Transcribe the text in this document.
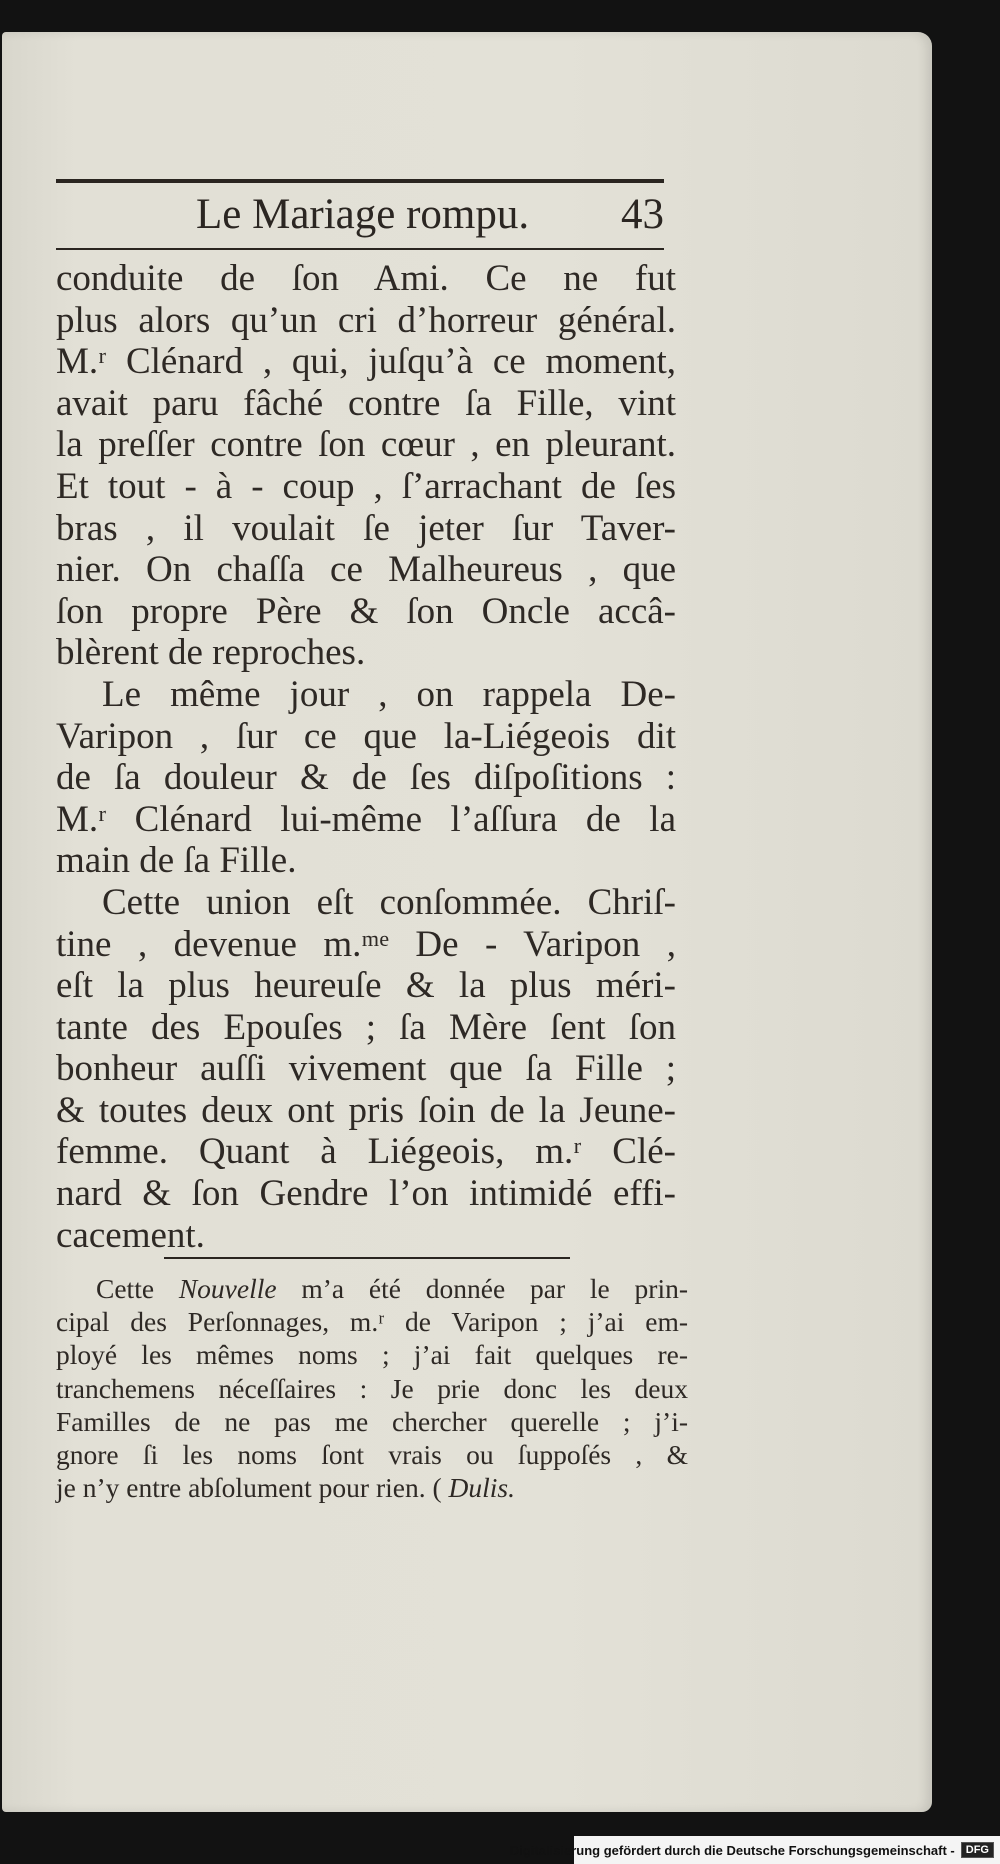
Le Mariage rompu. 43
conduite de ſon Ami. Ce ne fut
plus alors qu’un cri d’horreur général.
M.ʳ Clénard , qui, juſqu’à ce moment,
avait paru fâché contre ſa Fille, vint
la preſſer contre ſon cœur , en pleurant.
Et tout - à - coup , ſ’arrachant de ſes
bras , il voulait ſe jeter ſur Taver-
nier. On chaſſa ce Malheureus , que
ſon propre Père & ſon Oncle accâ-
blèrent de reproches.
Le même jour , on rappela De-
Varipon , ſur ce que la-Liégeois dit
de ſa douleur & de ſes diſpoſitions :
M.ʳ Clénard lui-même l’aſſura de la
main de ſa Fille.
Cette union eſt conſommée. Chriſ-
tine , devenue m.ᵐᵉ De - Varipon ,
eſt la plus heureuſe & la plus méri-
tante des Epouſes ; ſa Mère ſent ſon
bonheur auſſi vivement que ſa Fille ;
& toutes deux ont pris ſoin de la Jeune-
femme. Quant à Liégeois, m.ʳ Clé-
nard & ſon Gendre l’on intimidé effi-
cacement.
Cette Nouvelle m’a été donnée par le prin-
cipal des Perſonnages, m.ʳ de Varipon ; j’ai em-
ployé les mêmes noms ; j’ai fait quelques re-
tranchemens néceſſaires : Je prie donc les deux
Familles de ne pas me chercher querelle ; j’i-
gnore ſi les noms ſont vrais ou ſuppoſés , &
je n’y entre abſolument pour rien. ( Dulis.
Digitalisierung gefördert durch die Deutsche Forschungsgemeinschaft -	DFG
